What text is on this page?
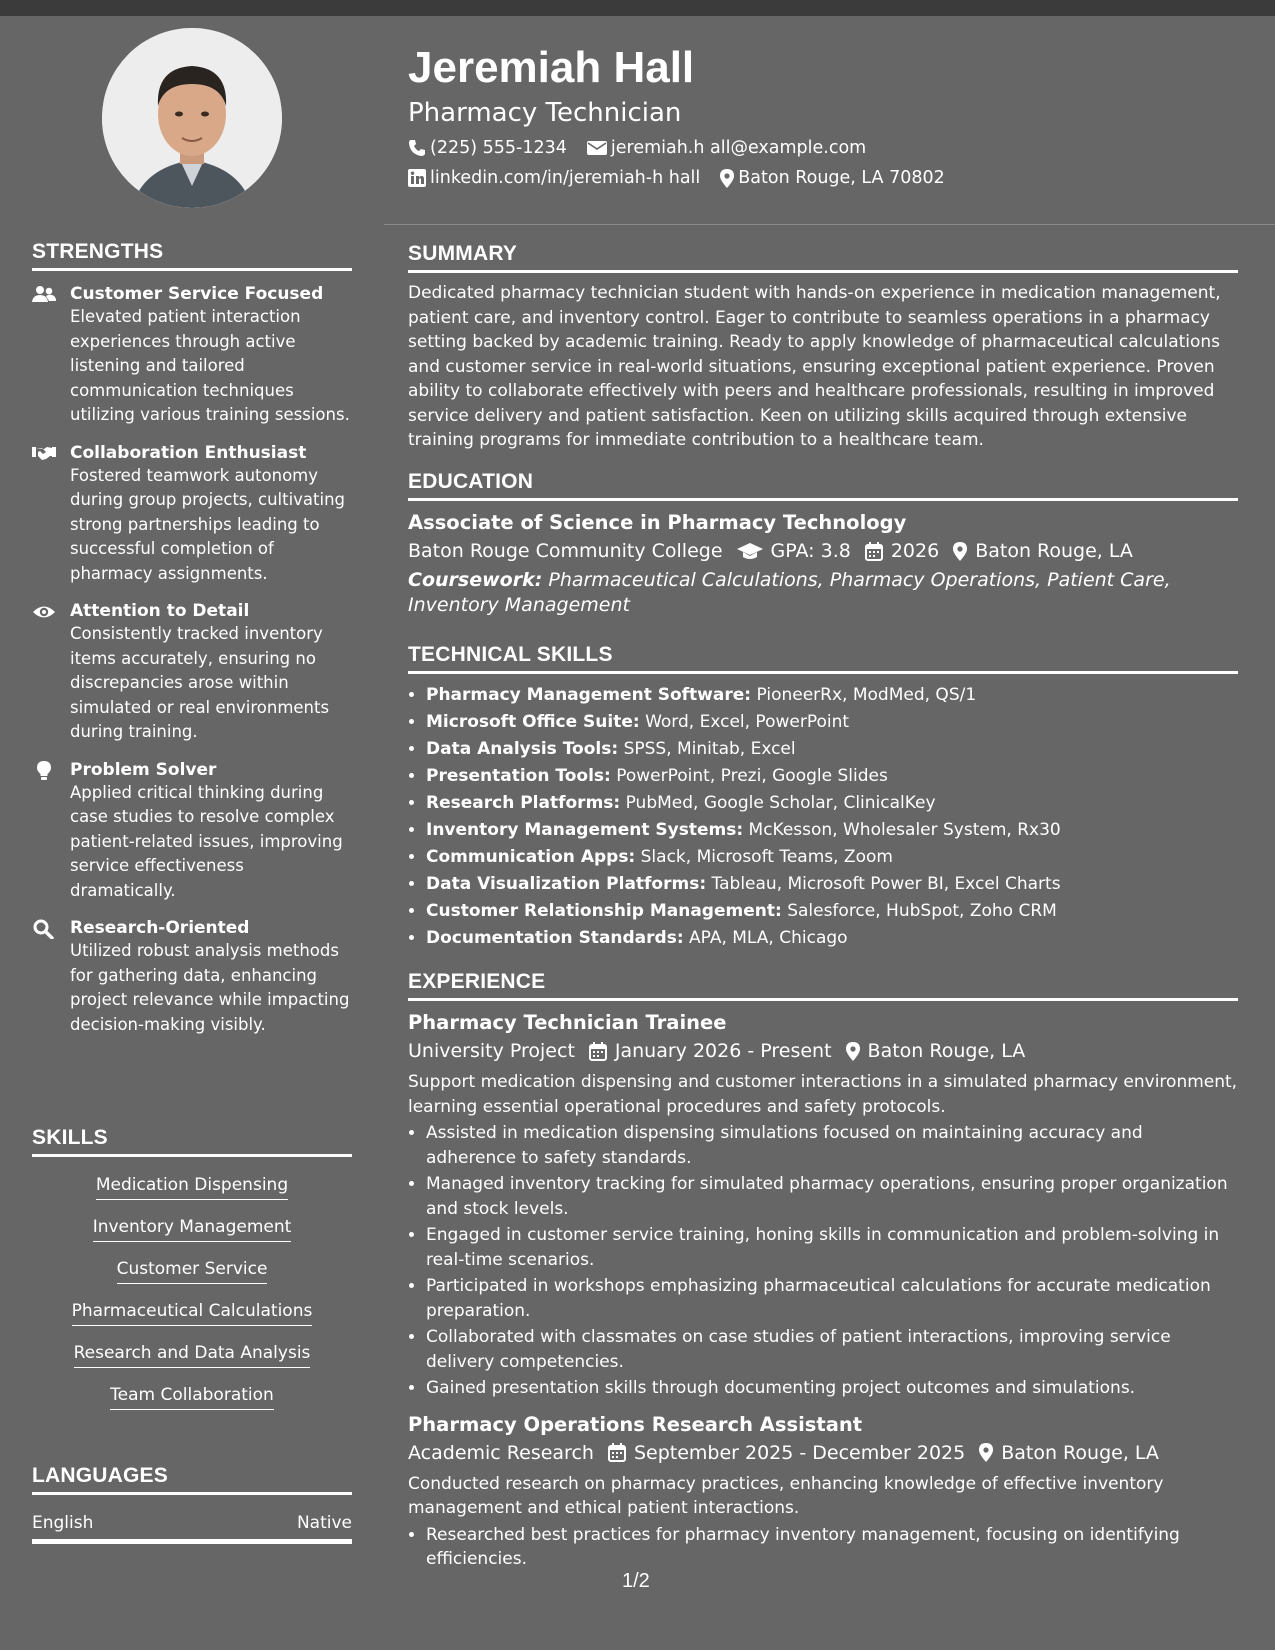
STRENGTHS
Customer Service Focused
Elevated patient interaction experiences through active listening and tailored communication techniques utilizing various training sessions.
Collaboration Enthusiast
Fostered teamwork autonomy during group projects, cultivating strong partnerships leading to successful completion of pharmacy assignments.
Attention to Detail
Consistently tracked inventory items accurately, ensuring no discrepancies arose within simulated or real environments during training.
Problem Solver
Applied critical thinking during case studies to resolve complex patient-related issues, improving service effectiveness dramatically.
Research-Oriented
Utilized robust analysis methods for gathering data, enhancing project relevance while impacting decision-making visibly.
SKILLS
Medication Dispensing
Inventory Management
Customer Service
Pharmaceutical Calculations
Research and Data Analysis
Team Collaboration
LANGUAGES
English	Native
Jeremiah Hall
Pharmacy Technician
(225) 555-1234	jeremiah.h all@example.com
linkedin.com/in/jeremiah-h hall Baton Rouge, LA 70802
SUMMARY

Dedicated pharmacy technician student with hands-on experience in medication management, patient care, and inventory control. Eager to contribute to seamless operations in a pharmacy setting backed by academic training. Ready to apply knowledge of pharmaceutical calculations and customer service in real-world situations, ensuring exceptional patient experience. Proven ability to collaborate effectively with peers and healthcare professionals, resulting in improved service delivery and patient satisfaction. Keen on utilizing skills acquired through extensive training programs for immediate contribution to a healthcare team.

EDUCATION
Associate of Science in Pharmacy Technology
Baton Rouge Community College	GPA: 3.8 2026 Baton Rouge, LA
Coursework: Pharmaceutical Calculations, Pharmacy Operations, Patient Care, Inventory Management
TECHNICAL SKILLS
• Pharmacy Management Software: PioneerRx, ModMed, QS/1
• Microsoft Office Suite: Word, Excel, PowerPoint
• Data Analysis Tools: SPSS, Minitab, Excel
• Presentation Tools: PowerPoint, Prezi, Google Slides
• Research Platforms: PubMed, Google Scholar, ClinicalKey
• Inventory Management Systems: McKesson, Wholesaler System, Rx30
• Communication Apps: Slack, Microsoft Teams, Zoom
• Data Visualization Platforms: Tableau, Microsoft Power BI, Excel Charts
• Customer Relationship Management: Salesforce, HubSpot, Zoho CRM
• Documentation Standards: APA, MLA, Chicago
EXPERIENCE
Pharmacy Technician Trainee
University Project January 2026 - Present Baton Rouge, LA

Support medication dispensing and customer interactions in a simulated pharmacy environment, learning essential operational procedures and safety protocols.

• Assisted in medication dispensing simulations focused on maintaining accuracy and adherence to safety standards.
• Managed inventory tracking for simulated pharmacy operations, ensuring proper organization and stock levels.
• Engaged in customer service training, honing skills in communication and problem-solving in real-time scenarios.
• Participated in workshops emphasizing pharmaceutical calculations for accurate medication preparation.
• Collaborated with classmates on case studies of patient interactions, improving service delivery competencies.
• Gained presentation skills through documenting project outcomes and simulations.
Pharmacy Operations Research Assistant
Academic Research September 2025 - December 2025 Baton Rouge, LA

Conducted research on pharmacy practices, enhancing knowledge of effective inventory management and ethical patient interactions.

• Researched best practices for pharmacy inventory management, focusing on identifying efficiencies.
1/2
